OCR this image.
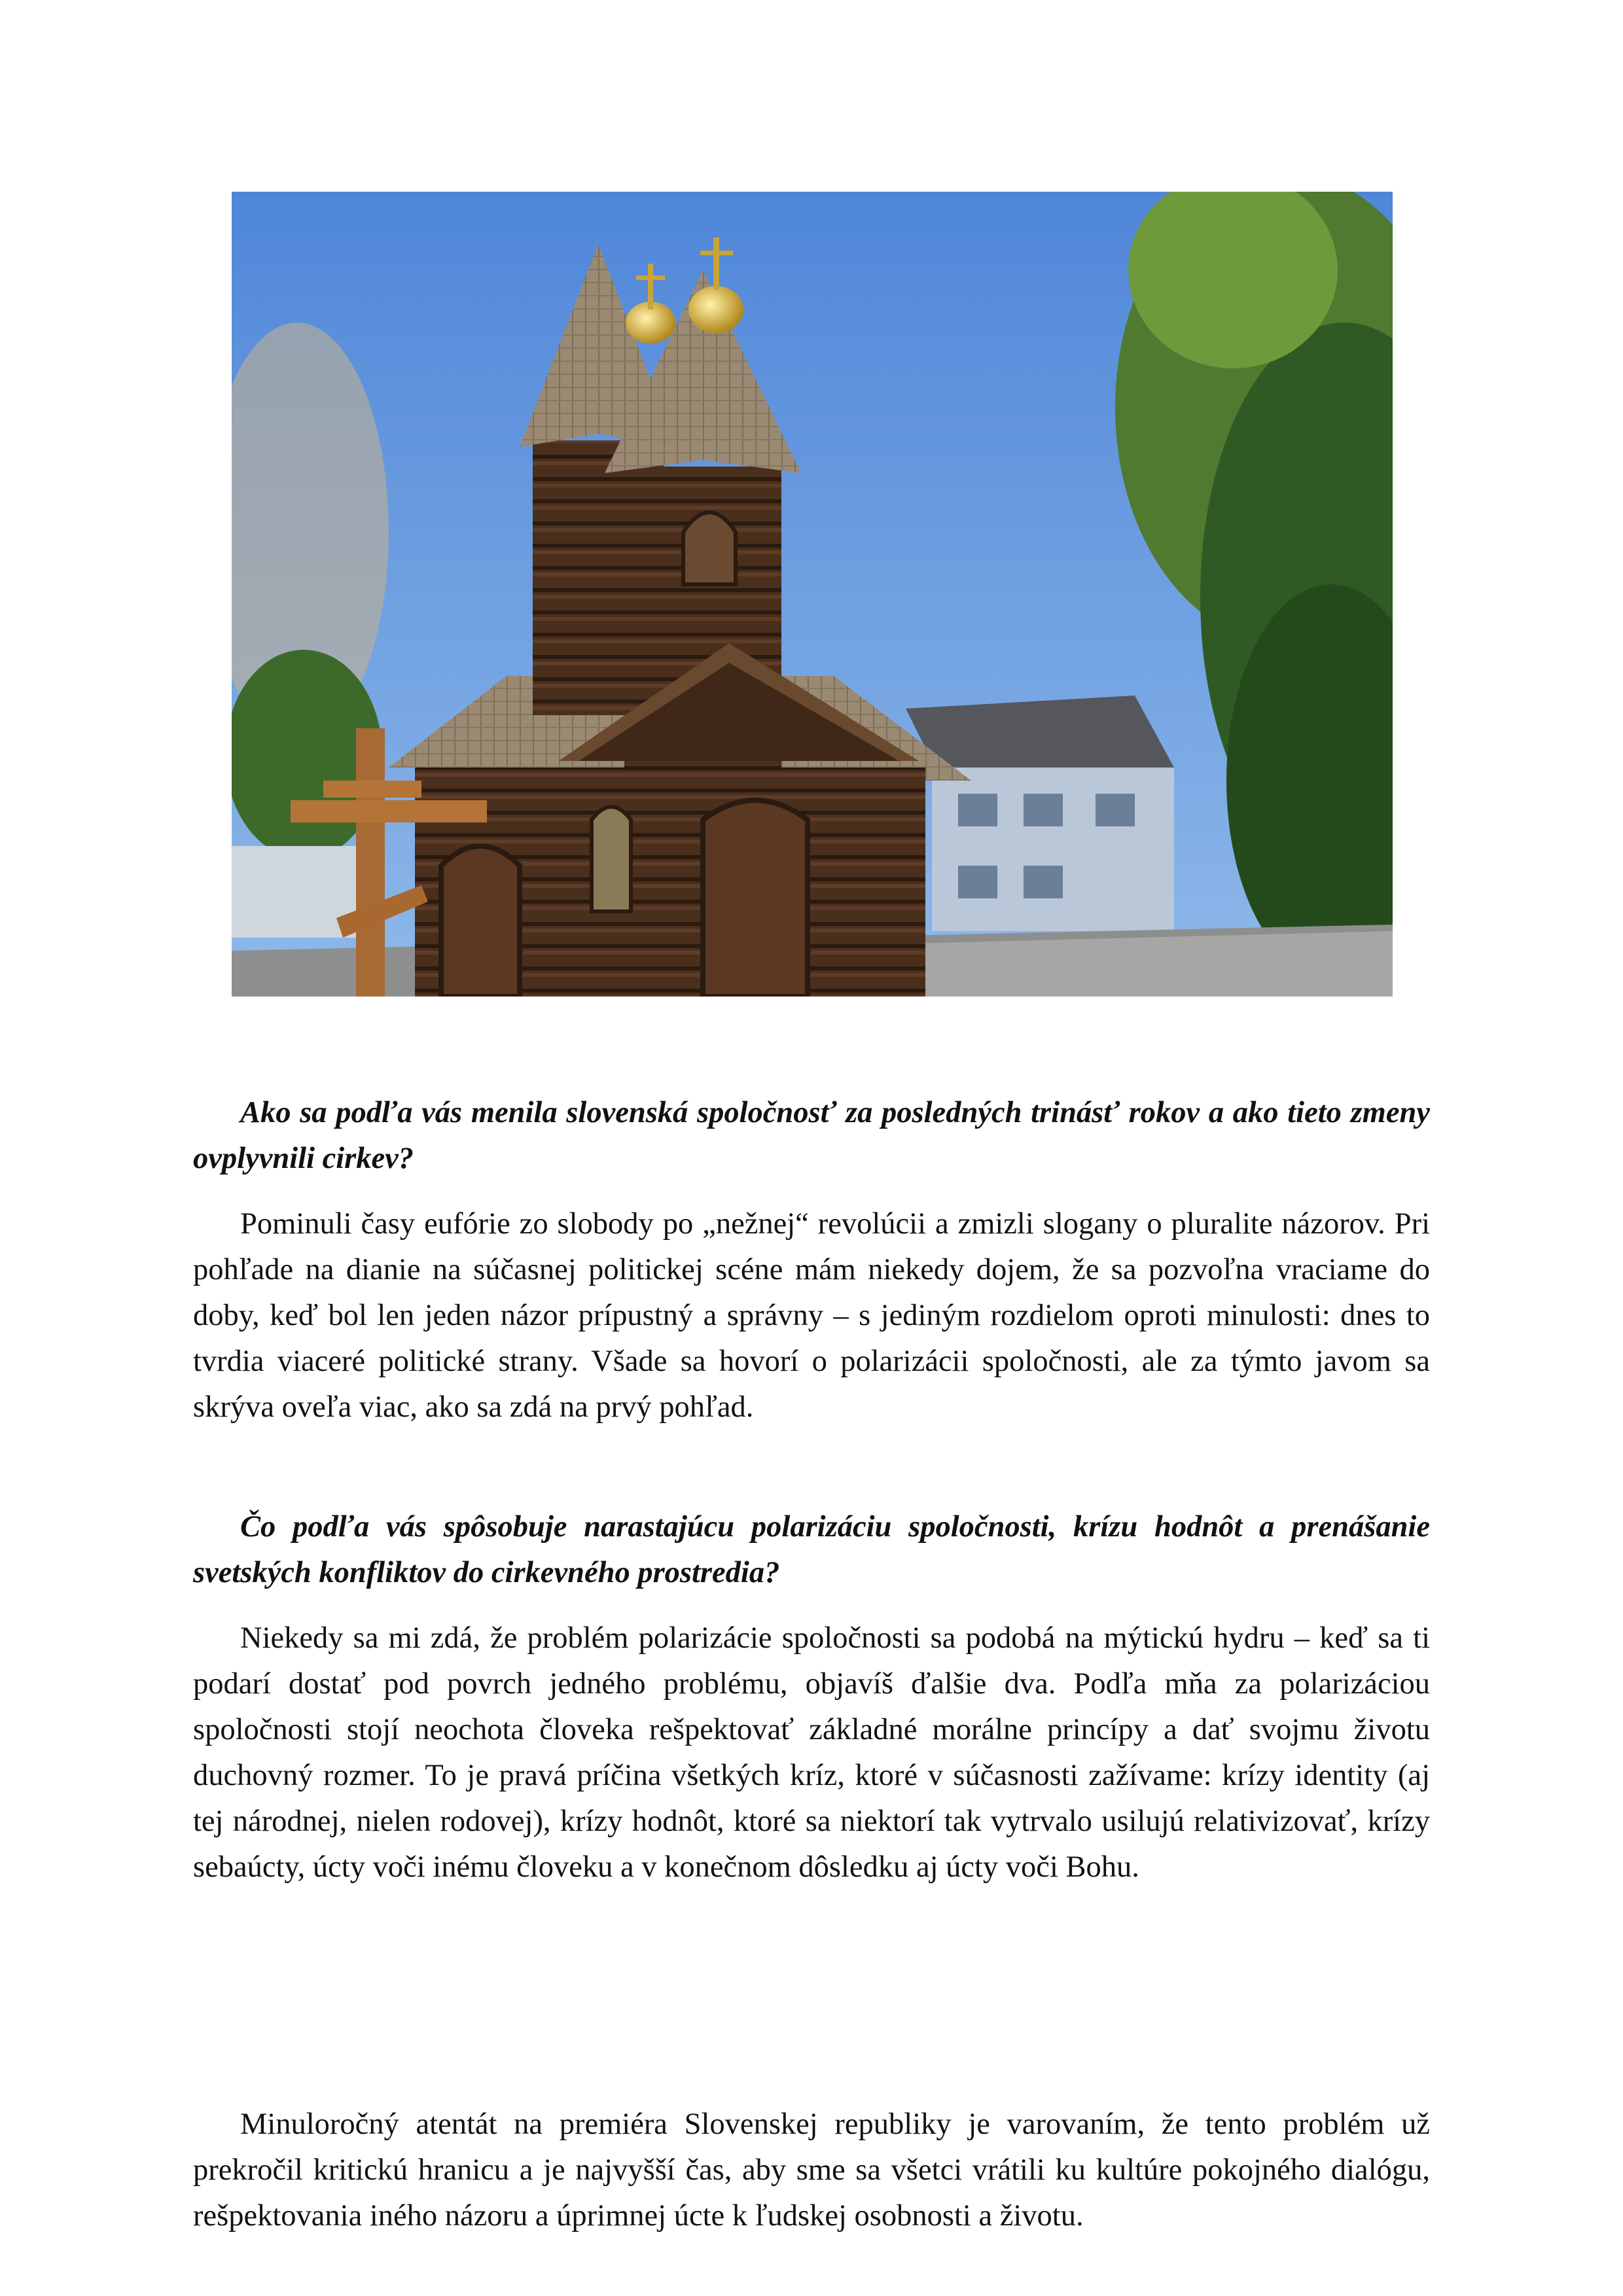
Ako sa podľa vás menila slovenská spoločnosť za posledných trinásť rokov a ako tieto zmeny ovplyvnili cirkev?

Pominuli časy eufórie zo slobody po „nežnej“ revolúcii a zmizli slogany o pluralite názorov. Pri pohľade na dianie na súčasnej politickej scéne mám niekedy dojem, že sa pozvoľna vraciame do doby, keď bol len jeden názor prípustný a správny – s jediným rozdielom oproti minulosti: dnes to tvrdia viaceré politické strany. Všade sa hovorí o polarizácii spoločnosti, ale za týmto javom sa skrýva oveľa viac, ako sa zdá na prvý pohľad.

Čo podľa vás spôsobuje narastajúcu polarizáciu spoločnosti, krízu hodnôt a prenášanie svetských konfliktov do cirkevného prostredia?

Niekedy sa mi zdá, že problém polarizácie spoločnosti sa podobá na mýtickú hydru – keď sa ti podarí dostať pod povrch jedného problému, objavíš ďalšie dva. Podľa mňa za polarizáciou spoločnosti stojí neochota človeka rešpektovať základné morálne princípy a dať svojmu životu duchovný rozmer. To je pravá príčina všetkých kríz, ktoré v súčasnosti zažívame: krízy identity (aj tej národnej, nielen rodovej), krízy hodnôt, ktoré sa niektorí tak vytrvalo usilujú relativizovať, krízy sebaúcty, úcty voči inému človeku a v konečnom dôsledku aj úcty voči Bohu.

Minuloročný atentát na premiéra Slovenskej republiky je varovaním, že tento problém už prekročil kritickú hranicu a je najvyšší čas, aby sme sa všetci vrátili ku kultúre pokojného dialógu, rešpektovania iného názoru a úprimnej úcte k ľudskej osobnosti a životu.
